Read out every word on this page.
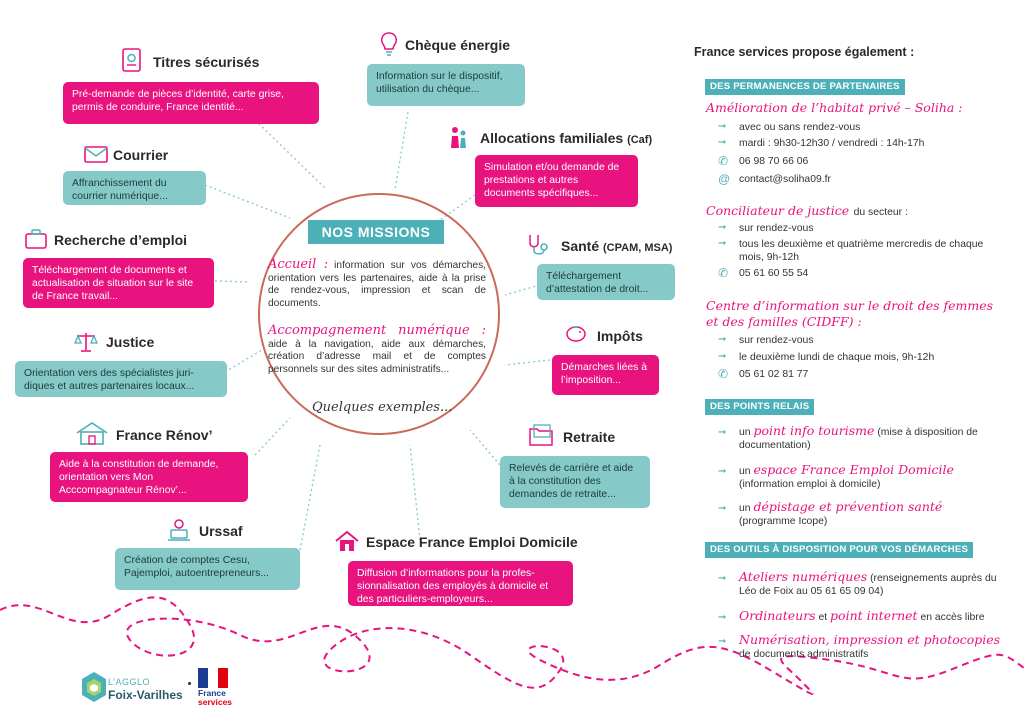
Titres sécurisés
Pré-demande de pièces d’identité, carte grise, permis de conduire, France identité...
Courrier
Affranchissement du courrier numérique...
Recherche d’emploi
Téléchargement de documents et actualisation de situation sur le site de France travail...
Justice
Orientation vers des spécialistes juri-diques et autres partenaires locaux...
France Rénov’
Aide à la constitution de demande, orientation vers Mon Acccompagnateur Rénov’...
Urssaf
Création de comptes Cesu, Pajemploi, autoentrepreneurs...
NOS MISSIONS
Accueil : information sur vos démarches, orientation vers les partenaires, aide à la prise de rendez-vous, impression et scan de documents.
Accompagnement numérique : aide à la navigation, aide aux démarches, création d’adresse mail et de comptes personnels sur des sites administratifs...
Quelques exemples...
Chèque énergie
Information sur le dispositif, utilisation du chèque...
Allocations familiales (Caf)
Simulation et/ou demande de prestations et autres documents spécifiques...
Santé (CPAM, MSA)
Téléchargement d’attestation de droit...
Impôts
Démarches liées à l’imposition...
Retraite
Relevés de carrière et aide à la constitution des demandes de retraite...
Espace France Emploi Domicile
Diffusion d’informations pour la profes-sionnalisation des employés à domicile et des particuliers-employeurs...
France services propose également :
DES PERMANENCES DE PARTENAIRES
Amélioration de l’habitat privé – Soliha :
➞ avec ou sans rendez-vous
➞ mardi : 9h30-12h30 / vendredi : 14h-17h
✆ 06 98 70 66 06
@ contact@soliha09.fr
Conciliateur de justice du secteur :
➞ sur rendez-vous
➞ tous les deuxième et quatrième mercredis de chaque mois, 9h-12h
✆ 05 61 60 55 54
Centre d’information sur le droit des femmes et des familles (CIDFF) :
➞ sur rendez-vous
➞ le deuxième lundi de chaque mois, 9h-12h
✆ 05 61 02 81 77
DES POINTS RELAIS
➞ un point info tourisme (mise à disposition de documentation)
➞ un espace France Emploi Domicile
(information emploi à domicile)
➞ un dépistage et prévention santé
(programme Icope)
DES OUTILS À DISPOSITION POUR VOS DÉMARCHES
➞ Ateliers numériques (renseignements auprès du Léo de Foix au 05 61 65 09 04)
➞ Ordinateurs et point internet en accès libre
➞ Numérisation, impression et photocopies
de documents administratifs
L’AGGLO
Foix-Varilhes France
services
